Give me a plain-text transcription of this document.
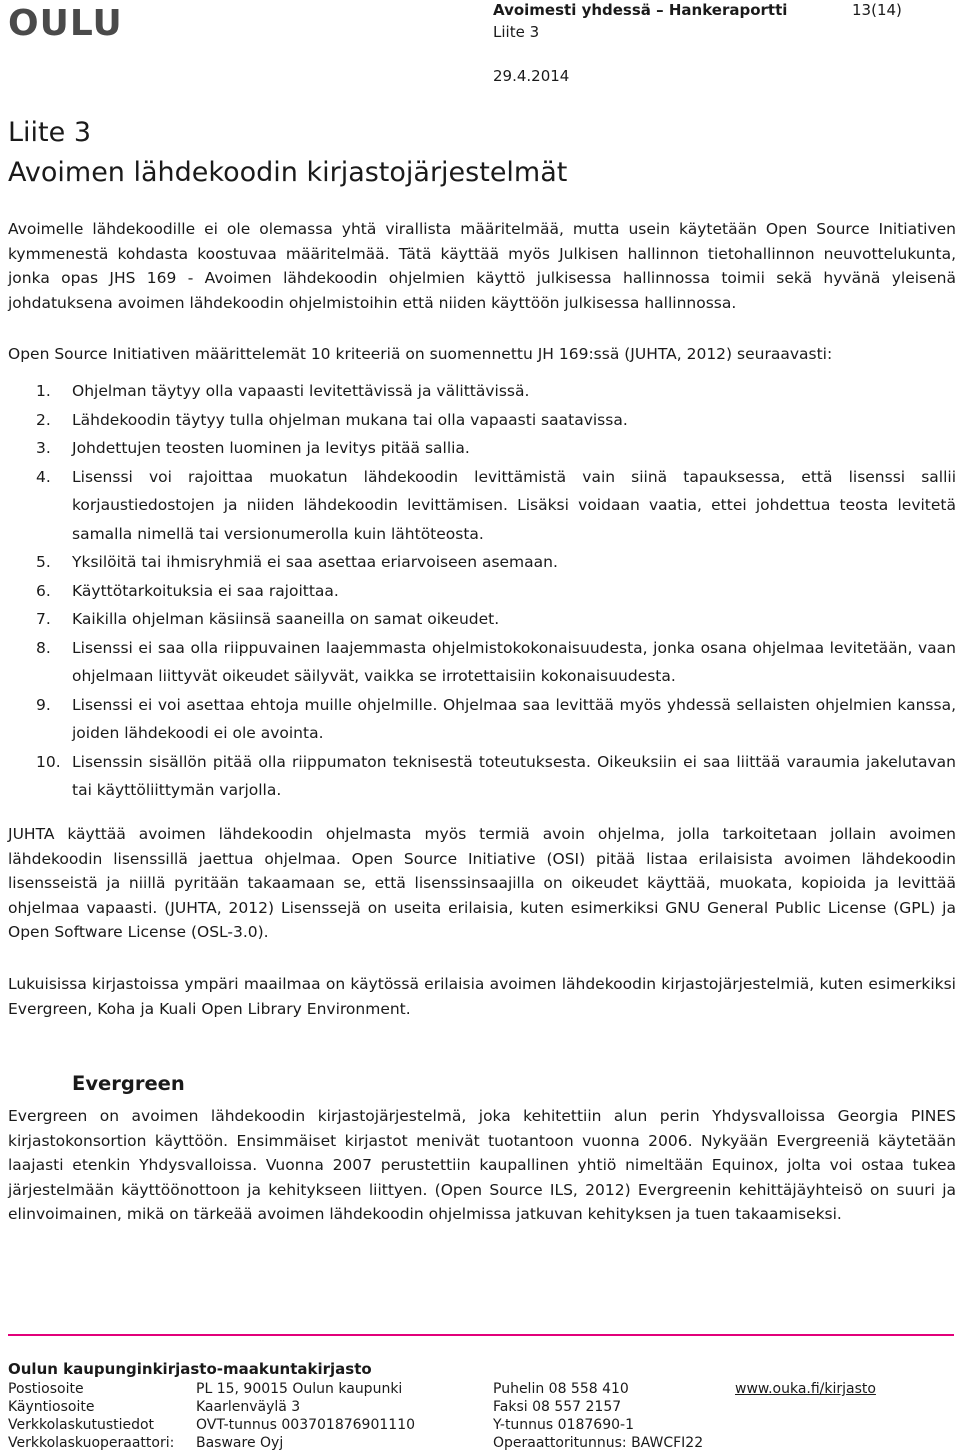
OULU	Avoimesti yhdessä – Hankeraportti	13(14)
Liite 3
29.4.2014
Liite 3
Avoimen lähdekoodin kirjastojärjestelmät

Avoimelle lähdekoodille ei ole olemassa yhtä virallista määritelmää, mutta usein käytetään Open Source Initiativen kymmenestä kohdasta koostuvaa määritelmää. Tätä käyttää myös Julkisen hallinnon tietohallinnon neuvottelukunta, jonka opas JHS 169 - Avoimen lähdekoodin ohjelmien käyttö julkisessa hallinnossa toimii sekä hyvänä yleisenä johdatuksena avoimen lähdekoodin ohjelmistoihin että niiden käyttöön julkisessa hallinnossa.

Open Source Initiativen määrittelemät 10 kriteeriä on suomennettu JH 169:ssä (JUHTA, 2012) seuraavasti:

1.	Ohjelman täytyy olla vapaasti levitettävissä ja välittävissä.
2.	Lähdekoodin täytyy tulla ohjelman mukana tai olla vapaasti saatavissa.
3.	Johdettujen teosten luominen ja levitys pitää sallia.
4.	Lisenssi voi rajoittaa muokatun lähdekoodin levittämistä vain siinä tapauksessa, että lisenssi sallii korjaustiedostojen ja niiden lähdekoodin levittämisen. Lisäksi voidaan vaatia, ettei johdettua teosta levitetä samalla nimellä tai versionumerolla kuin lähtöteosta.
5.	Yksilöitä tai ihmisryhmiä ei saa asettaa eriarvoiseen asemaan.
6.	Käyttötarkoituksia ei saa rajoittaa.
7.	Kaikilla ohjelman käsiinsä saaneilla on samat oikeudet.
8.	Lisenssi ei saa olla riippuvainen laajemmasta ohjelmistokokonaisuudesta, jonka osana ohjelmaa levitetään, vaan ohjelmaan liittyvät oikeudet säilyvät, vaikka se irrotettaisiin kokonaisuudesta.
9.	Lisenssi ei voi asettaa ehtoja muille ohjelmille. Ohjelmaa saa levittää myös yhdessä sellaisten ohjelmien kanssa, joiden lähdekoodi ei ole avointa.
10. Lisenssin sisällön pitää olla riippumaton teknisestä toteutuksesta. Oikeuksiin ei saa liittää varaumia jakelutavan tai käyttöliittymän varjolla.

JUHTA käyttää avoimen lähdekoodin ohjelmasta myös termiä avoin ohjelma, jolla tarkoitetaan jollain avoimen lähdekoodin lisenssillä jaettua ohjelmaa. Open Source Initiative (OSI) pitää listaa erilaisista avoimen lähdekoodin lisensseistä ja niillä pyritään takaamaan se, että lisenssinsaajilla on oikeudet käyttää, muokata, kopioida ja levittää ohjelmaa vapaasti. (JUHTA, 2012) Lisenssejä on useita erilaisia, kuten esimerkiksi GNU General Public License (GPL) ja Open Software License (OSL-3.0).

Lukuisissa kirjastoissa ympäri maailmaa on käytössä erilaisia avoimen lähdekoodin kirjastojärjestelmiä, kuten esimerkiksi Evergreen, Koha ja Kuali Open Library Environment.

Evergreen

Evergreen on avoimen lähdekoodin kirjastojärjestelmä, joka kehitettiin alun perin Yhdysvalloissa Georgia PINES kirjastokonsortion käyttöön. Ensimmäiset kirjastot menivät tuotantoon vuonna 2006. Nykyään Evergreeniä käytetään laajasti etenkin Yhdysvalloissa. Vuonna 2007 perustettiin kaupallinen yhtiö nimeltään Equinox, jolta voi ostaa tukea järjestelmään käyttöönottoon ja kehitykseen liittyen. (Open Source ILS, 2012) Evergreenin kehittäjäyhteisö on suuri ja elinvoimainen, mikä on tärkeää avoimen lähdekoodin ohjelmissa jatkuvan kehityksen ja tuen takaamiseksi.

Oulun kaupunginkirjasto-maakuntakirjasto
Postiosoite	PL 15, 90015 Oulun kaupunki	Puhelin 08 558 410	www.ouka.fi/kirjasto
Käyntiosoite	Kaarlenväylä 3	Faksi 08 557 2157
Verkkolaskutustiedot	OVT-tunnus 003701876901110	Y-tunnus 0187690-1
Verkkolaskuoperaattori: Basware Oyj	Operaattoritunnus: BAWCFI22
